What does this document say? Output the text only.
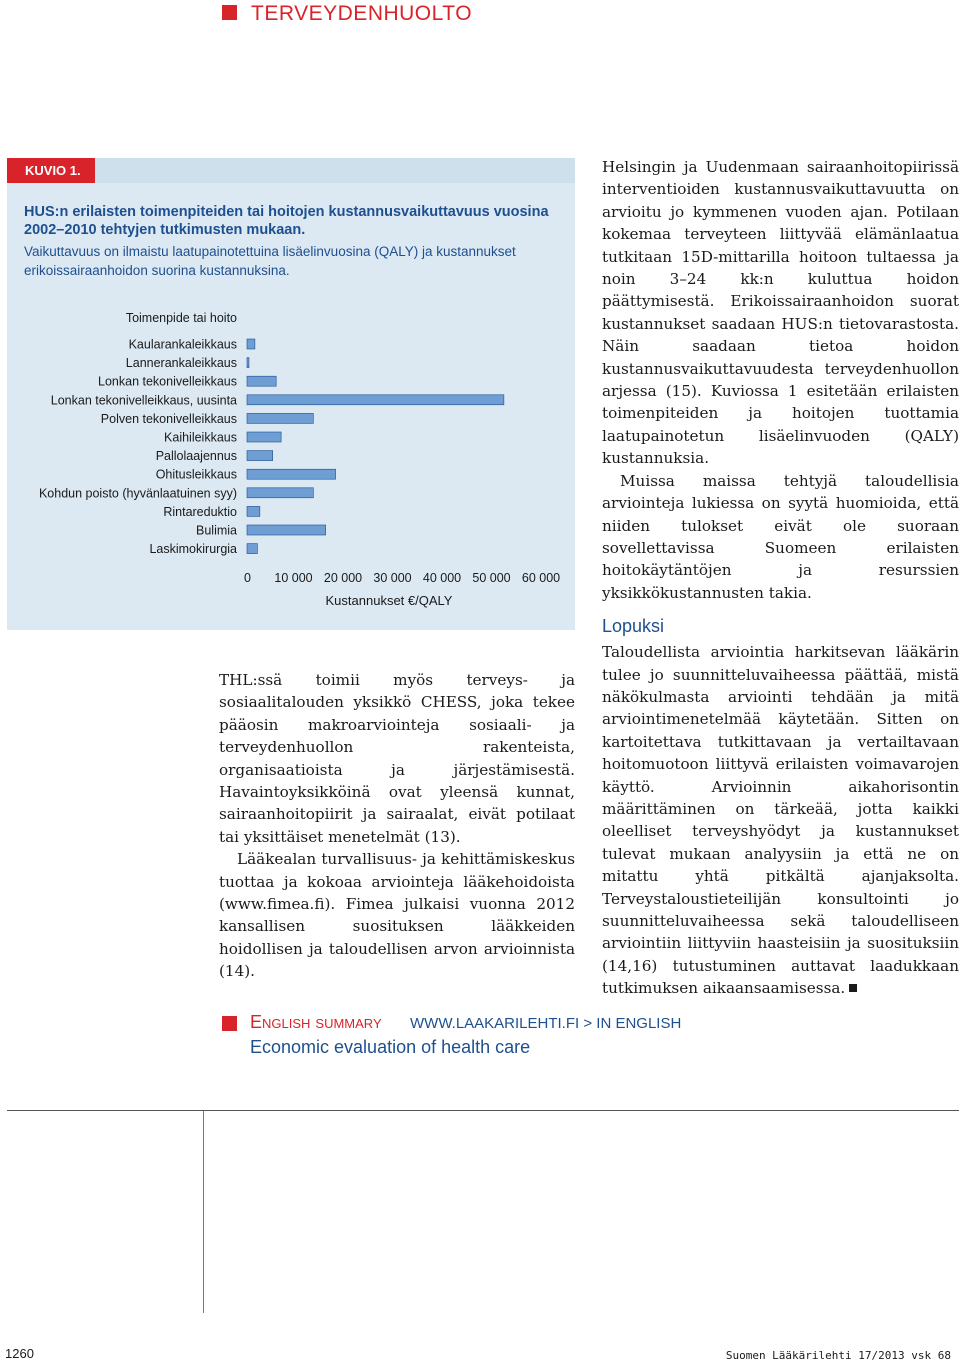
TERVEYDENHUOLTO
KUVIO 1.
HUS:n erilaisten toimenpiteiden tai hoitojen kustannusvaikuttavuus vuosina 2002–2010 tehtyjen tutkimusten mukaan.
Vaikuttavuus on ilmaistu laatupainotettuina lisäelinvuosina (QALY) ja kustannukset erikoissairaanhoidon suorina kustannuksina.
Toimenpide tai hoito
Kaularankaleikkaus
Lannerankaleikkaus
Lonkan tekonivelleikkaus
Lonkan tekonivelleikkaus, uusinta
Polven tekonivelleikkaus
Kaihileikkaus
Pallolaajennus
Ohitusleikkaus
Kohdun poisto (hyvänlaatuinen syy)
Rintareduktio
Bulimia
Laskimokirurgia
0 10 000 20 000 30 000 40 000 50 000 60 000
Kustannukset €/QALY

Helsingin ja Uudenmaan sairaanhoitopiirissä interventioiden kustannusvaikuttavuutta on arvioitu jo kymmenen vuoden ajan. Potilaan kokemaa terveyteen liittyvää elämänlaatua tutkitaan 15D-mittarilla hoitoon tultaessa ja noin 3–24 kk:n kuluttua hoidon päättymisestä. Erikoissairaanhoidon suorat kustannukset saadaan HUS:n tietovarastosta. Näin saadaan tietoa hoidon kustannusvaikuttavuudesta terveydenhuollon arjessa (15). Kuviossa 1 esitetään erilaisten toimenpiteiden ja hoitojen tuottamia laatupainotetun lisäelinvuoden (QALY) kustannuksia.

Muissa maissa tehtyjä taloudellisia arviointeja lukiessa on syytä huomioida, että niiden tulokset eivät ole suoraan sovellettavissa Suomeen erilaisten hoitokäytäntöjen ja resurssien yksikkökustannusten takia.

Lopuksi

Taloudellista arviointia harkitsevan lääkärin tulee jo suunnitteluvaiheessa päättää, mistä näkökulmasta arviointi tehdään ja mitä arviointimenetelmää käytetään. Sitten on kartoitettava tutkittavaan ja vertailtavaan hoitomuotoon liittyvä erilaisten voimavarojen käyttö. Arvioinnin aikahorisontin määrittäminen on tärkeää, jotta kaikki oleelliset terveyshyödyt ja kustannukset tulevat mukaan analyysiin ja että ne on mitattu yhtä pitkältä ajanjaksolta. Terveystaloustieteilijän konsultointi jo suunnitteluvaiheessa sekä taloudelliseen arviointiin liittyviin haasteisiin ja suosituksiin (14,16) tutustuminen auttavat laadukkaan tutkimuksen aikaansaamisessa.

THL:ssä toimii myös terveys- ja sosiaalitalouden yksikkö CHESS, joka tekee pääosin makroarviointeja sosiaali- ja terveydenhuollon rakenteista, organisaatioista ja järjestämisestä. Havaintoyksikköinä ovat yleensä kunnat, sairaanhoitopiirit ja sairaalat, eivät potilaat tai yksittäiset menetelmät (13).

Lääkealan turvallisuus- ja kehittämiskeskus tuottaa ja kokoaa arviointeja lääkehoidoista (www.fimea.fi). Fimea julkaisi vuonna 2012 kansallisen suosituksen lääkkeiden hoidollisen ja taloudellisen arvon arvioinnista (14).

English summary WWW.LAAKARILEHTI.FI > IN ENGLISH
Economic evaluation of health care
1260	Suomen Lääkärilehti 17/2013 vsk 68
